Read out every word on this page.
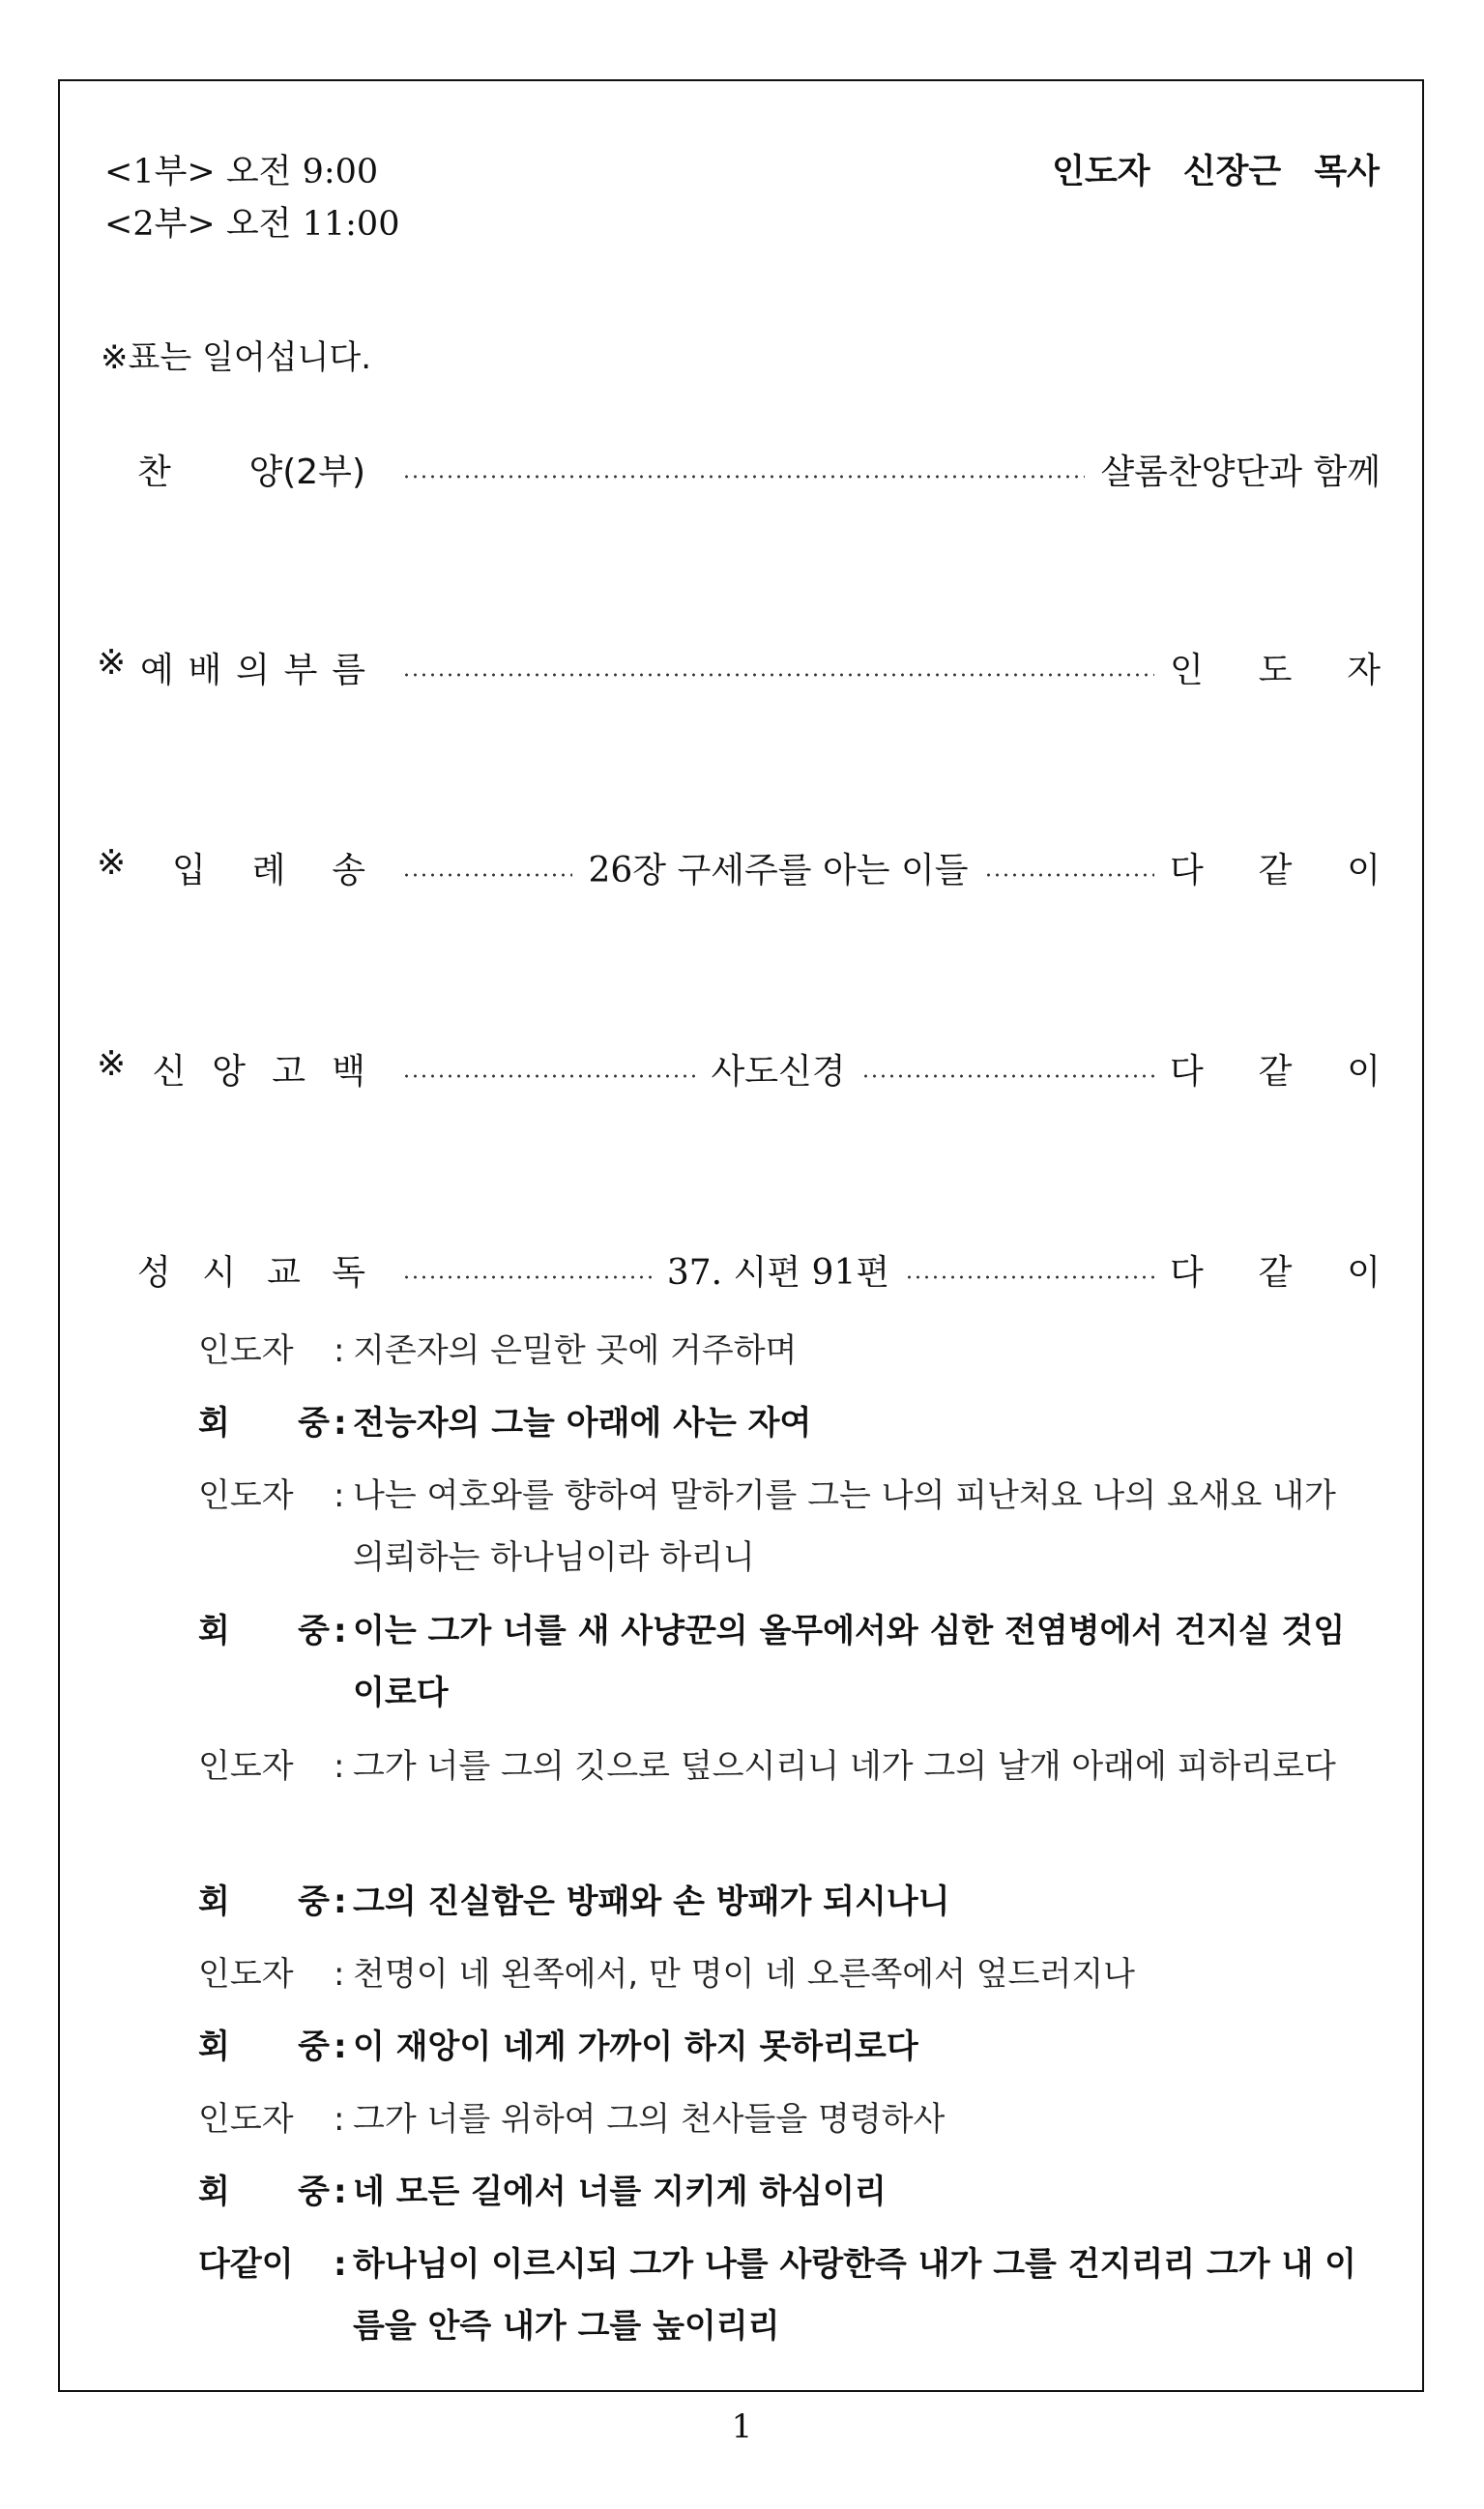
<1부> 오전 9:00
<2부> 오전 11:00
인도자 신장근 목사
※표는 일어섭니다.
찬 양(2부)	샬롬찬양단과 함께
※ 예 배 의 부 름	인 도 자
※ 입 례 송	26장 구세주를 아는 이들	다 같 이
※ 신 앙 고 백	사도신경	다 같 이
성 시 교 독	37. 시편 91편	다 같 이
인도자 : 지존자의 은밀한 곳에 거주하며
회 중 : 전능자의 그늘 아래에 사는 자여
인도자 : 나는 여호와를 향하여 말하기를 그는 나의 피난처요 나의 요새요 내가 의뢰하는 하나님이라 하리니
회 중 : 이는 그가 너를 새 사냥꾼의 올무에서와 심한 전염병에서 건지실 것임이로다
인도자 : 그가 너를 그의 깃으로 덮으시리니 네가 그의 날개 아래에 피하리로다
회 중 : 그의 진실함은 방패와 손 방패가 되시나니
인도자 : 천명이 네 왼쪽에서, 만 명이 네 오른쪽에서 엎드러지나
회 중 : 이 재앙이 네게 가까이 하지 못하리로다
인도자 : 그가 너를 위하여 그의 천사들을 명령하사
회 중 : 네 모든 길에서 너를 지키게 하심이리
다같이 : 하나님이 이르시되 그가 나를 사랑한즉 내가 그를 건지리리 그가 내 이름을 안즉 내가 그를 높이리리
1
